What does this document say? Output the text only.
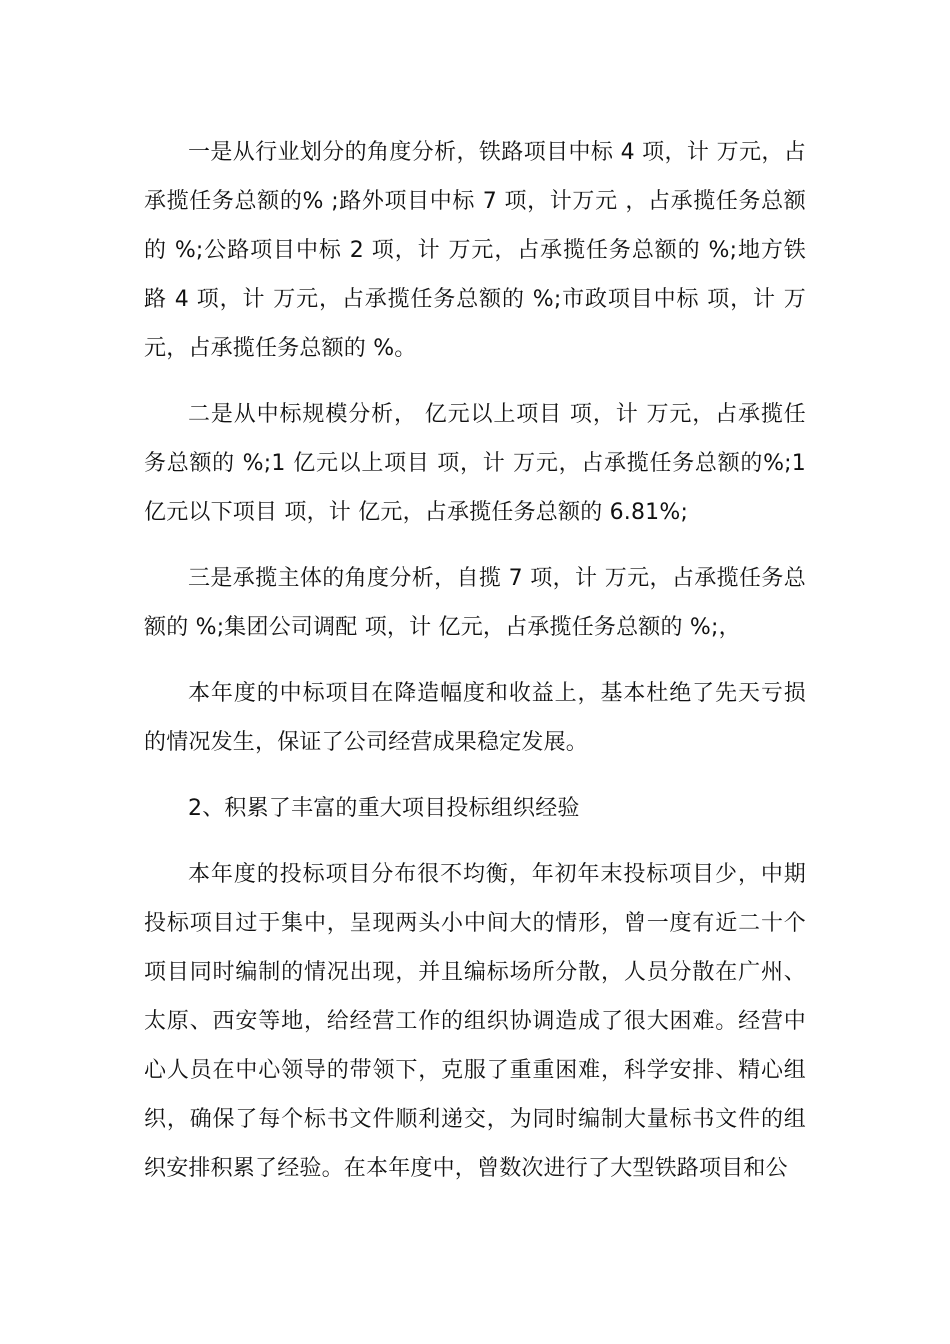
一是从行业划分的角度分析，铁路项目中标 4 项，计 万元，占承揽任务总额的% ;路外项目中标 7 项，计万元 ，占承揽任务总额的 %;公路项目中标 2 项，计 万元，占承揽任务总额的 %;地方铁路 4 项，计 万元，占承揽任务总额的 %;市政项目中标 项，计 万元，占承揽任务总额的 %。

二是从中标规模分析， 亿元以上项目 项，计 万元，占承揽任务总额的 %;1 亿元以上项目 项，计 万元，占承揽任务总额的%;1 亿元以下项目 项，计 亿元，占承揽任务总额的 6.81%;

三是承揽主体的角度分析，自揽 7 项，计 万元，占承揽任务总额的 %;集团公司调配 项，计 亿元，占承揽任务总额的 %;，

本年度的中标项目在降造幅度和收益上，基本杜绝了先天亏损的情况发生，保证了公司经营成果稳定发展。

2、积累了丰富的重大项目投标组织经验

本年度的投标项目分布很不均衡，年初年末投标项目少，中期投标项目过于集中，呈现两头小中间大的情形，曾一度有近二十个项目同时编制的情况出现，并且编标场所分散，人员分散在广州、太原、西安等地，给经营工作的组织协调造成了很大困难。经营中心人员在中心领导的带领下，克服了重重困难，科学安排、精心组织，确保了每个标书文件顺利递交，为同时编制大量标书文件的组织安排积累了经验。在本年度中，曾数次进行了大型铁路项目和公
